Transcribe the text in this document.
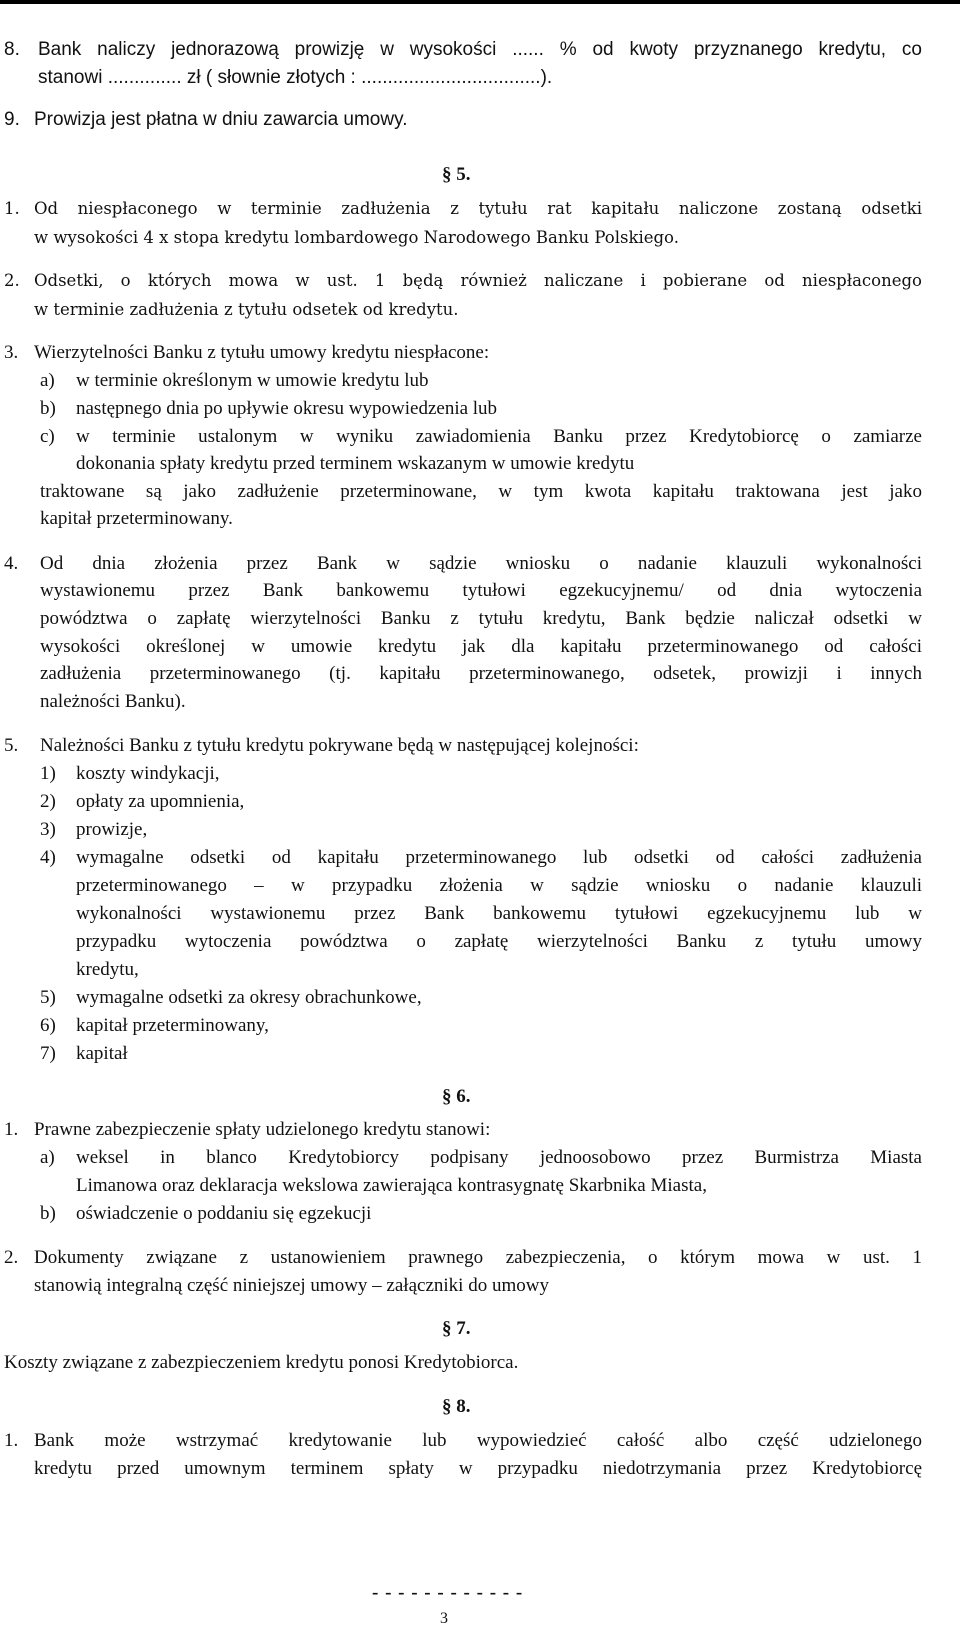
8. Bank naliczy jednorazową prowizję w wysokości ...... % od kwoty przyznanego kredytu, co
stanowi .............. zł ( słownie złotych : ..................................).
9. Prowizja jest płatna w dniu zawarcia umowy.
§ 5.
1. Od niespłaconego w terminie zadłużenia z tytułu rat kapitału naliczone zostaną odsetki
w wysokości 4 x stopa kredytu lombardowego Narodowego Banku Polskiego.
2. Odsetki, o których mowa w ust. 1 będą również naliczane i pobierane od niespłaconego
w terminie zadłużenia z tytułu odsetek od kredytu.
3. Wierzytelności Banku z tytułu umowy kredytu niespłacone:
a) w terminie określonym w umowie kredytu lub
b) następnego dnia po upływie okresu wypowiedzenia lub
c) w terminie ustalonym w wyniku zawiadomienia Banku przez Kredytobiorcę o zamiarze
dokonania spłaty kredytu przed terminem wskazanym w umowie kredytu
traktowane są jako zadłużenie przeterminowane, w tym kwota kapitału traktowana jest jako
kapitał przeterminowany.
4. Od dnia złożenia przez Bank w sądzie wniosku o nadanie klauzuli wykonalności
wystawionemu przez Bank bankowemu tytułowi egzekucyjnemu/ od dnia wytoczenia
powództwa o zapłatę wierzytelności Banku z tytułu kredytu, Bank będzie naliczał odsetki w
wysokości określonej w umowie kredytu jak dla kapitału przeterminowanego od całości
zadłużenia przeterminowanego (tj. kapitału przeterminowanego, odsetek, prowizji i innych
należności Banku).
5. Należności Banku z tytułu kredytu pokrywane będą w następującej kolejności:
1) koszty windykacji,
2) opłaty za upomnienia,
3) prowizje,
4) wymagalne odsetki od kapitału przeterminowanego lub odsetki od całości zadłużenia
przeterminowanego – w przypadku złożenia w sądzie wniosku o nadanie klauzuli
wykonalności wystawionemu przez Bank bankowemu tytułowi egzekucyjnemu lub w
przypadku wytoczenia powództwa o zapłatę wierzytelności Banku z tytułu umowy
kredytu,
5) wymagalne odsetki za okresy obrachunkowe,
6) kapitał przeterminowany,
7) kapitał
§ 6.
1. Prawne zabezpieczenie spłaty udzielonego kredytu stanowi:
a) weksel in blanco Kredytobiorcy podpisany jednoosobowo przez Burmistrza Miasta
Limanowa oraz deklaracja wekslowa zawierająca kontrasygnatę Skarbnika Miasta,
b) oświadczenie o poddaniu się egzekucji
2. Dokumenty związane z ustanowieniem prawnego zabezpieczenia, o którym mowa w ust. 1
stanowią integralną część niniejszej umowy – załączniki do umowy
§ 7.
Koszty związane z zabezpieczeniem kredytu ponosi Kredytobiorca.
§ 8.
1. Bank może wstrzymać kredytowanie lub wypowiedzieć całość albo część udzielonego
kredytu przed umownym terminem spłaty w przypadku niedotrzymania przez Kredytobiorcę
- - - - - - - - - - - -
3
